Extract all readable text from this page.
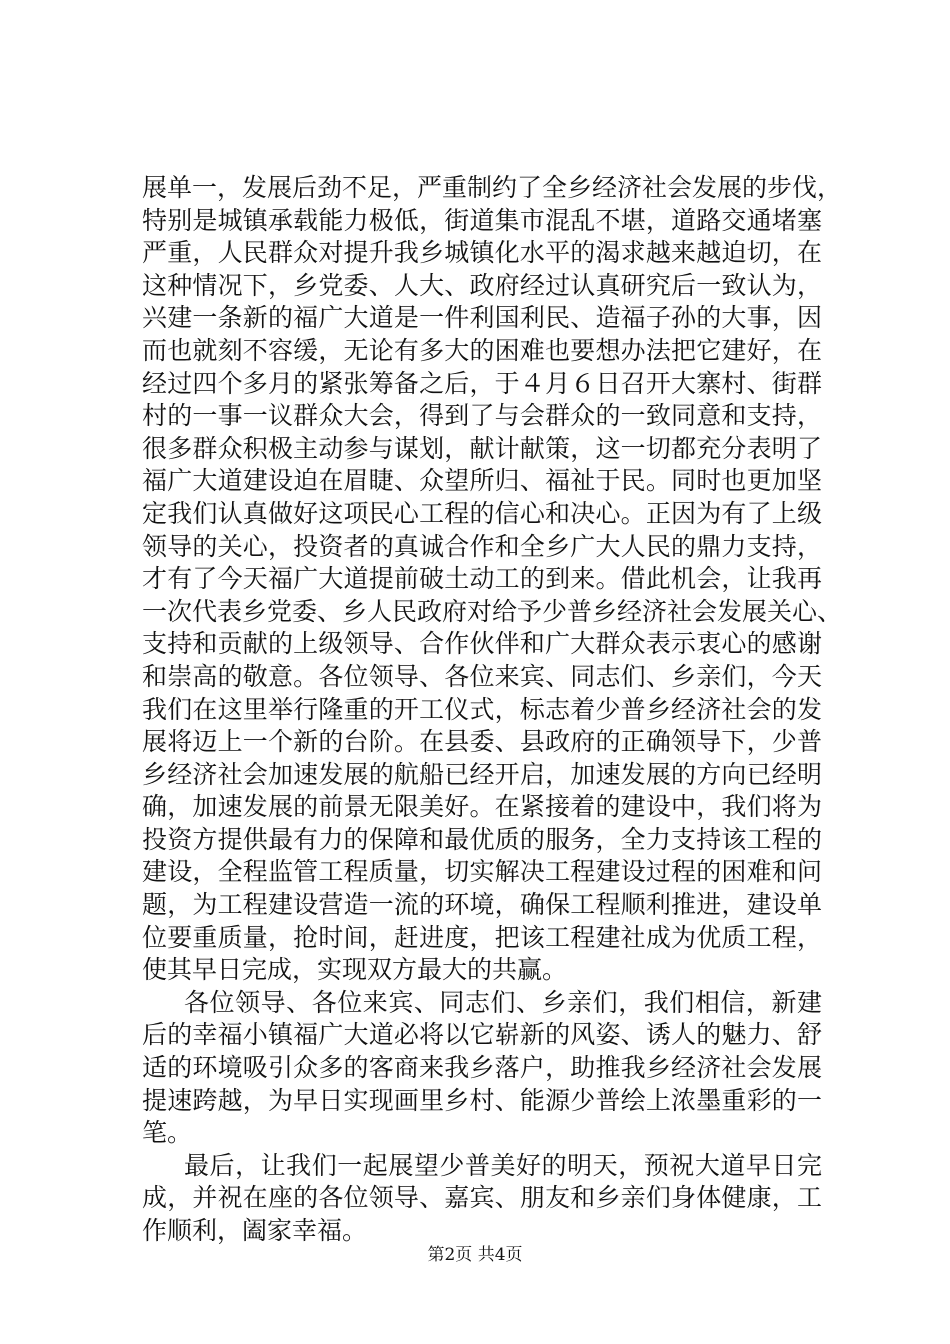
展单一，发展后劲不足，严重制约了全乡经济社会发展的步伐，
特别是城镇承载能力极低，街道集市混乱不堪，道路交通堵塞
严重，人民群众对提升我乡城镇化水平的渴求越来越迫切，在
这种情况下，乡党委、人大、政府经过认真研究后一致认为，
兴建一条新的福广大道是一件利国利民、造福子孙的大事，因
而也就刻不容缓，无论有多大的困难也要想办法把它建好，在
经过四个多月的紧张筹备之后，于４月６日召开大寨村、街群
村的一事一议群众大会，得到了与会群众的一致同意和支持，
很多群众积极主动参与谋划，献计献策，这一切都充分表明了
福广大道建设迫在眉睫、众望所归、福祉于民。同时也更加坚
定我们认真做好这项民心工程的信心和决心。正因为有了上级
领导的关心，投资者的真诚合作和全乡广大人民的鼎力支持，
才有了今天福广大道提前破土动工的到来。借此机会，让我再
一次代表乡党委、乡人民政府对给予少普乡经济社会发展关心、
支持和贡献的上级领导、合作伙伴和广大群众表示衷心的感谢
和崇高的敬意。各位领导、各位来宾、同志们、乡亲们，今天
我们在这里举行隆重的开工仪式，标志着少普乡经济社会的发
展将迈上一个新的台阶。在县委、县政府的正确领导下，少普
乡经济社会加速发展的航船已经开启，加速发展的方向已经明
确，加速发展的前景无限美好。在紧接着的建设中，我们将为
投资方提供最有力的保障和最优质的服务，全力支持该工程的
建设，全程监管工程质量，切实解决工程建设过程的困难和问
题，为工程建设营造一流的环境，确保工程顺利推进，建设单
位要重质量，抢时间，赶进度，把该工程建社成为优质工程，
使其早日完成，实现双方最大的共赢。
各位领导、各位来宾、同志们、乡亲们，我们相信，新建
后的幸福小镇福广大道必将以它崭新的风姿、诱人的魅力、舒
适的环境吸引众多的客商来我乡落户，助推我乡经济社会发展
提速跨越，为早日实现画里乡村、能源少普绘上浓墨重彩的一
笔。
最后，让我们一起展望少普美好的明天，预祝大道早日完
成，并祝在座的各位领导、嘉宾、朋友和乡亲们身体健康，工
作顺利，阖家幸福。
第2页 共4页
